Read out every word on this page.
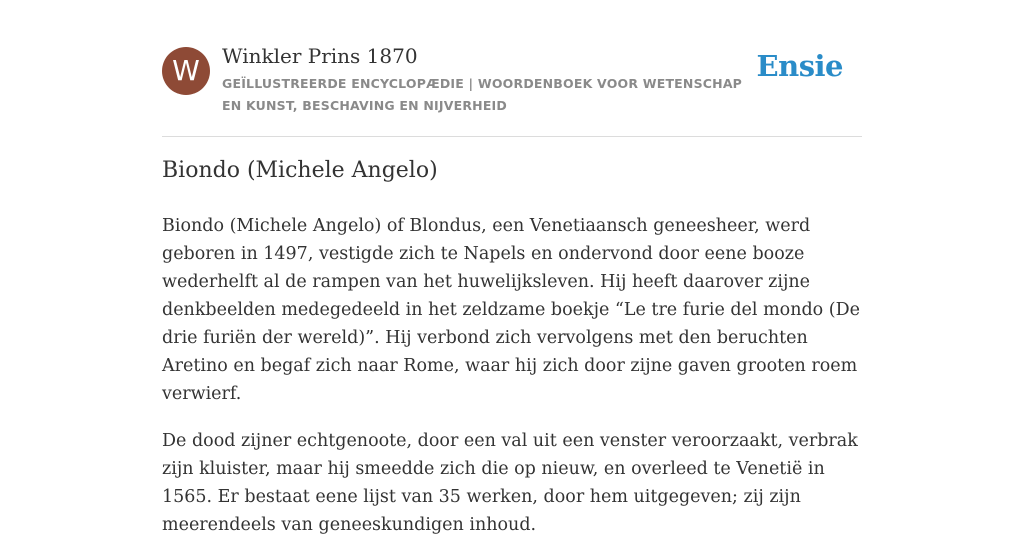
W	Winkler Prins 1870
GEÏLLUSTREERDE ENCYCLOPÆDIE | WOORDENBOEK VOOR WETENSCHAP EN KUNST, BESCHAVING EN NIJVERHEID
Ensie
Biondo (Michele Angelo)

Biondo (Michele Angelo) of Blondus, een Venetiaansch geneesheer, werd geboren in 1497, vestigde zich te Napels en ondervond door eene booze wederhelft al de rampen van het huwelijksleven. Hij heeft daarover zijne denkbeelden medegedeeld in het zeldzame boekje “Le tre furie del mondo (De drie furiën der wereld)”. Hij verbond zich vervolgens met den beruchten Aretino en begaf zich naar Rome, waar hij zich door zijne gaven grooten roem verwierf.

De dood zijner echtgenoote, door een val uit een venster veroorzaakt, verbrak zijn kluister, maar hij smeedde zich die op nieuw, en overleed te Venetië in 1565. Er bestaat eene lijst van 35 werken, door hem uitgegeven; zij zijn meerendeels van geneeskundigen inhoud.
